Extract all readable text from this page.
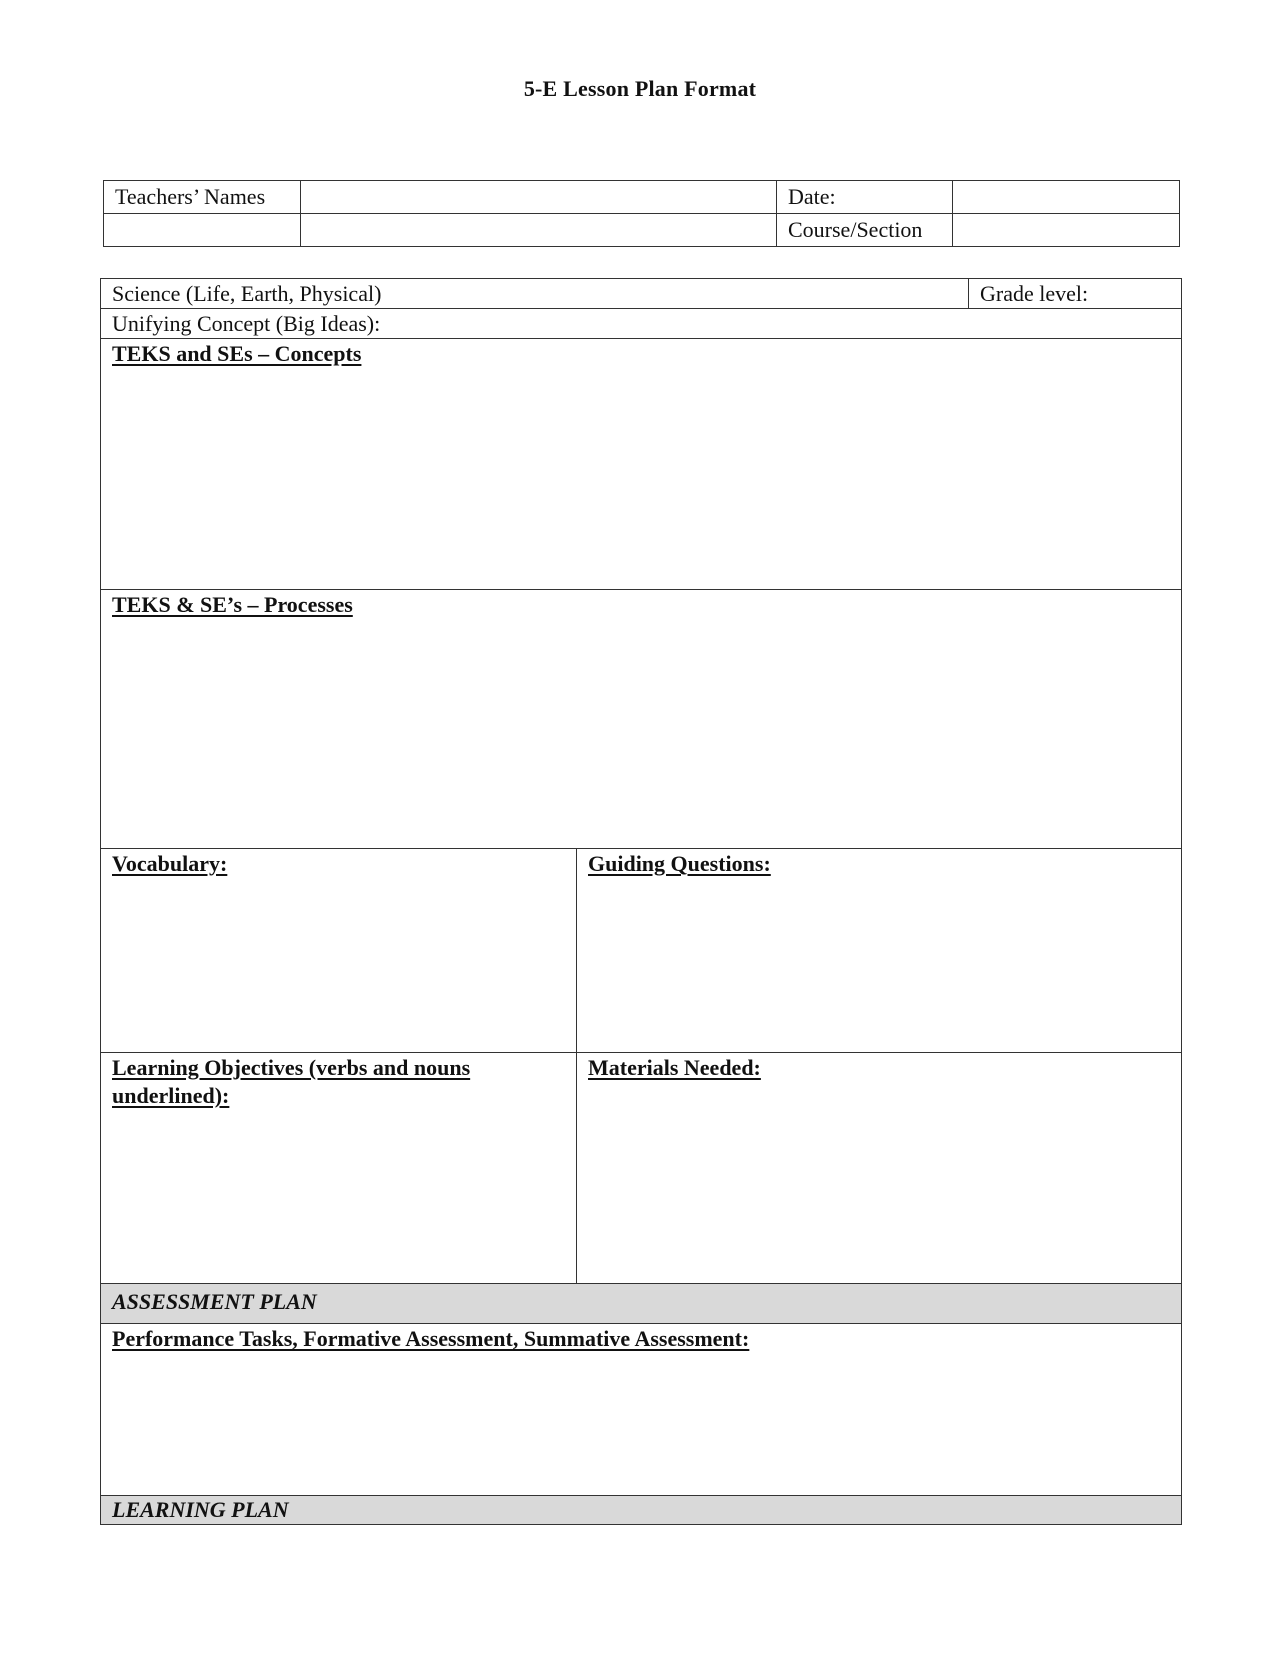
5-E Lesson Plan Format
Teachers’ Names		Date:	
		Course/Section	
Science (Life, Earth, Physical)		Grade level:
Unifying Concept (Big Ideas):		
TEKS and SEs – Concepts		
TEKS & SE’s – Processes		
Vocabulary:	Guiding Questions:	
Learning Objectives (verbs and nouns
underlined):	Materials Needed:	
ASSESSMENT PLAN		
Performance Tasks, Formative Assessment, Summative Assessment:		
LEARNING PLAN		
